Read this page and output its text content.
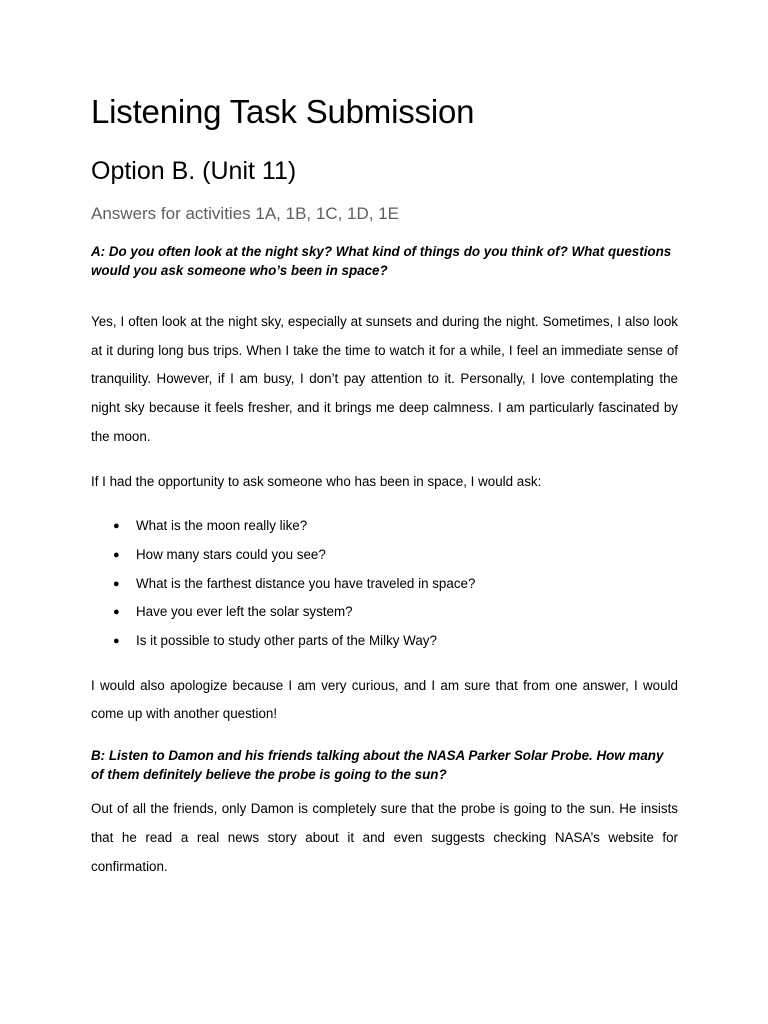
Listening Task Submission
Option B. (Unit 11)
Answers for activities 1A, 1B, 1C, 1D, 1E

A: Do you often look at the night sky? What kind of things do you think of? What questions would you ask someone who’s been in space?

Yes, I often look at the night sky, especially at sunsets and during the night. Sometimes, I also look at it during long bus trips. When I take the time to watch it for a while, I feel an immediate sense of tranquility. However, if I am busy, I don’t pay attention to it. Personally, I love contemplating the night sky because it feels fresher, and it brings me deep calmness. I am particularly fascinated by the moon.

If I had the opportunity to ask someone who has been in space, I would ask:

● What is the moon really like?
● How many stars could you see?
● What is the farthest distance you have traveled in space?
● Have you ever left the solar system?
● Is it possible to study other parts of the Milky Way?

I would also apologize because I am very curious, and I am sure that from one answer, I would come up with another question!

B: Listen to Damon and his friends talking about the NASA Parker Solar Probe. How many of them definitely believe the probe is going to the sun?

Out of all the friends, only Damon is completely sure that the probe is going to the sun. He insists that he read a real news story about it and even suggests checking NASA’s website for confirmation.
